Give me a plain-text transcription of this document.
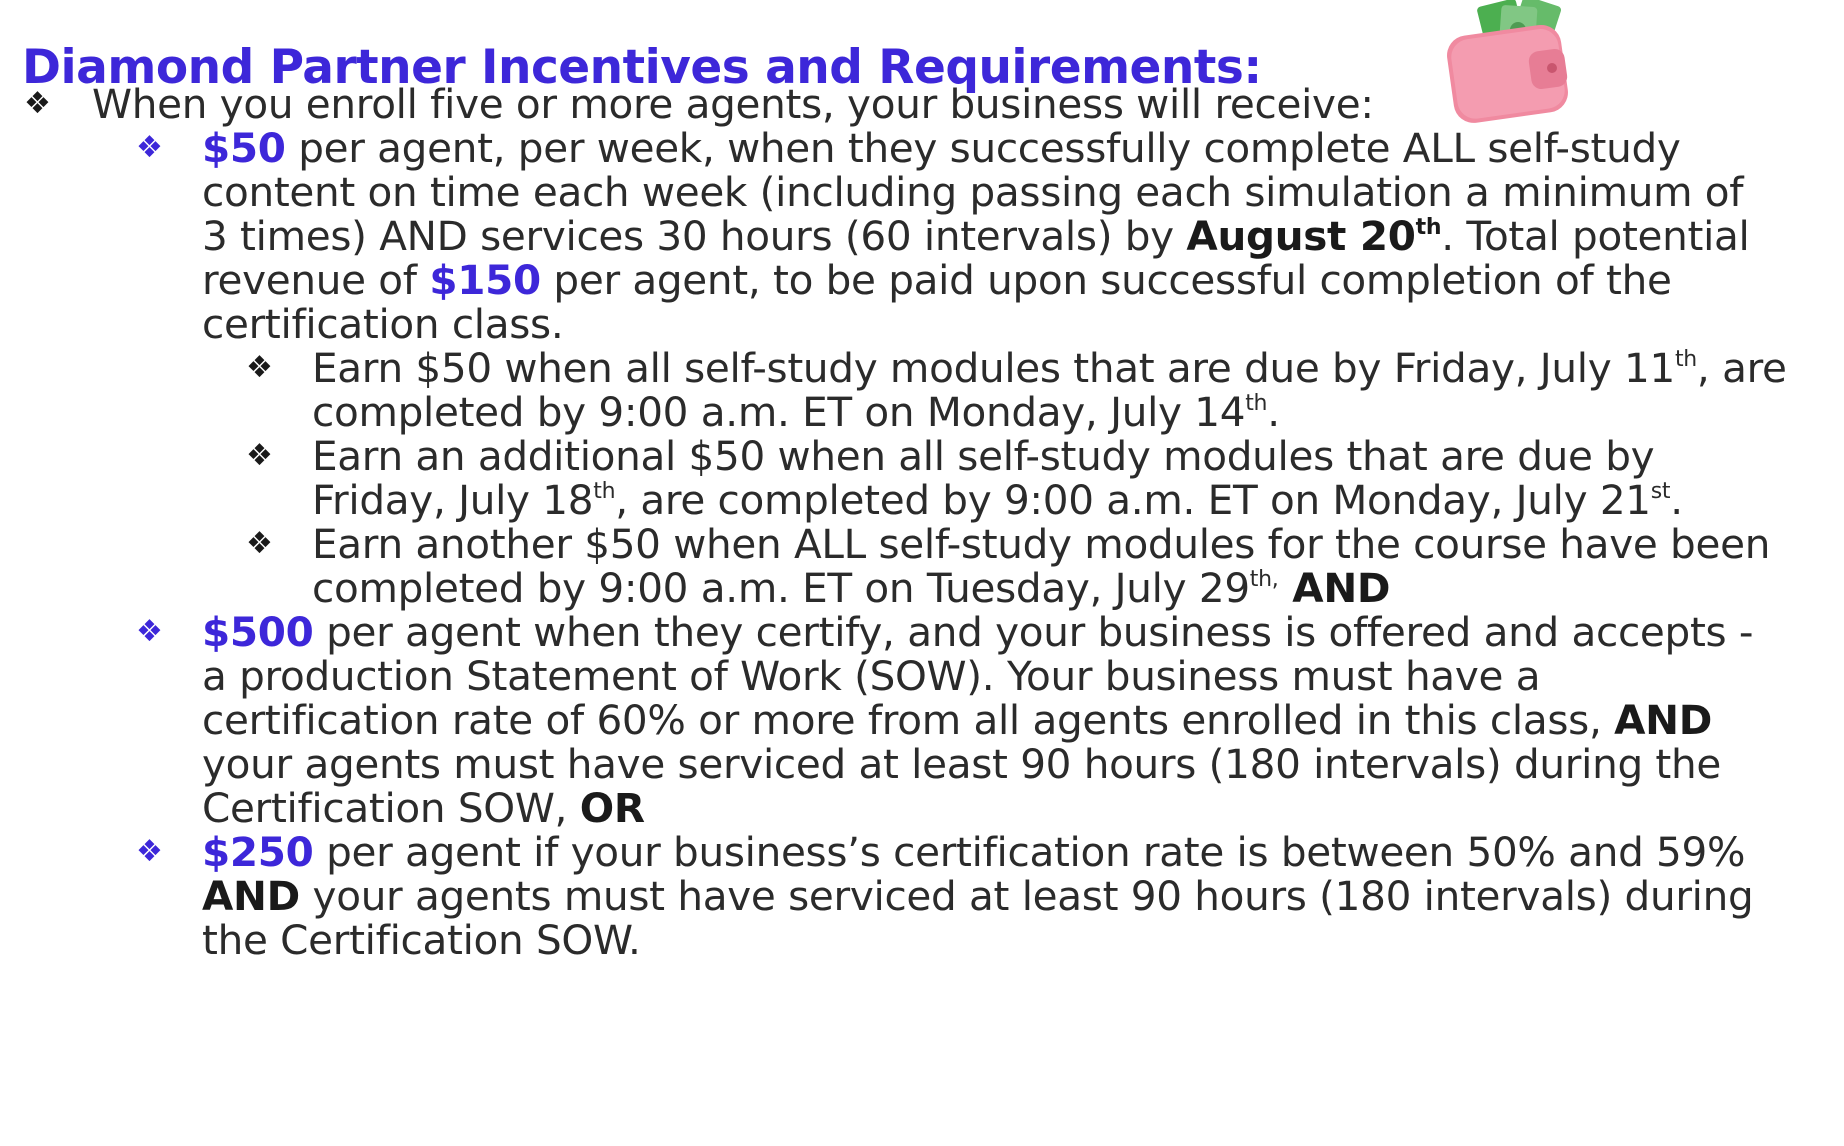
Diamond Partner Incentives and Requirements:
❖ When you enroll five or more agents, your business will receive:
❖ $50 per agent, per week, when they successfully complete ALL self-study
content on time each week (including passing each simulation a minimum of
3 times) AND services 30 hours (60 intervals) by August 20th. Total potential
revenue of $150 per agent, to be paid upon successful completion of the
certification class.
❖ Earn $50 when all self-study modules that are due by Friday, July 11th, are
completed by 9:00 a.m. ET on Monday, July 14th.
❖ Earn an additional $50 when all self-study modules that are due by
Friday, July 18th, are completed by 9:00 a.m. ET on Monday, July 21st.
❖ Earn another $50 when ALL self-study modules for the course have been
completed by 9:00 a.m. ET on Tuesday, July $29^{th,}$ AND
❖ $500 per agent when they certify, and your business is offered and accepts -
a production Statement of Work (SOW). Your business must have a
certification rate of 60% or more from all agents enrolled in this class, AND
your agents must have serviced at least 90 hours (180 intervals) during the
Certification SOW, OR
❖ $250 per agent if your business’s certification rate is between 50% and 59%
AND your agents must have serviced at least 90 hours (180 intervals) during
the Certification SOW.
